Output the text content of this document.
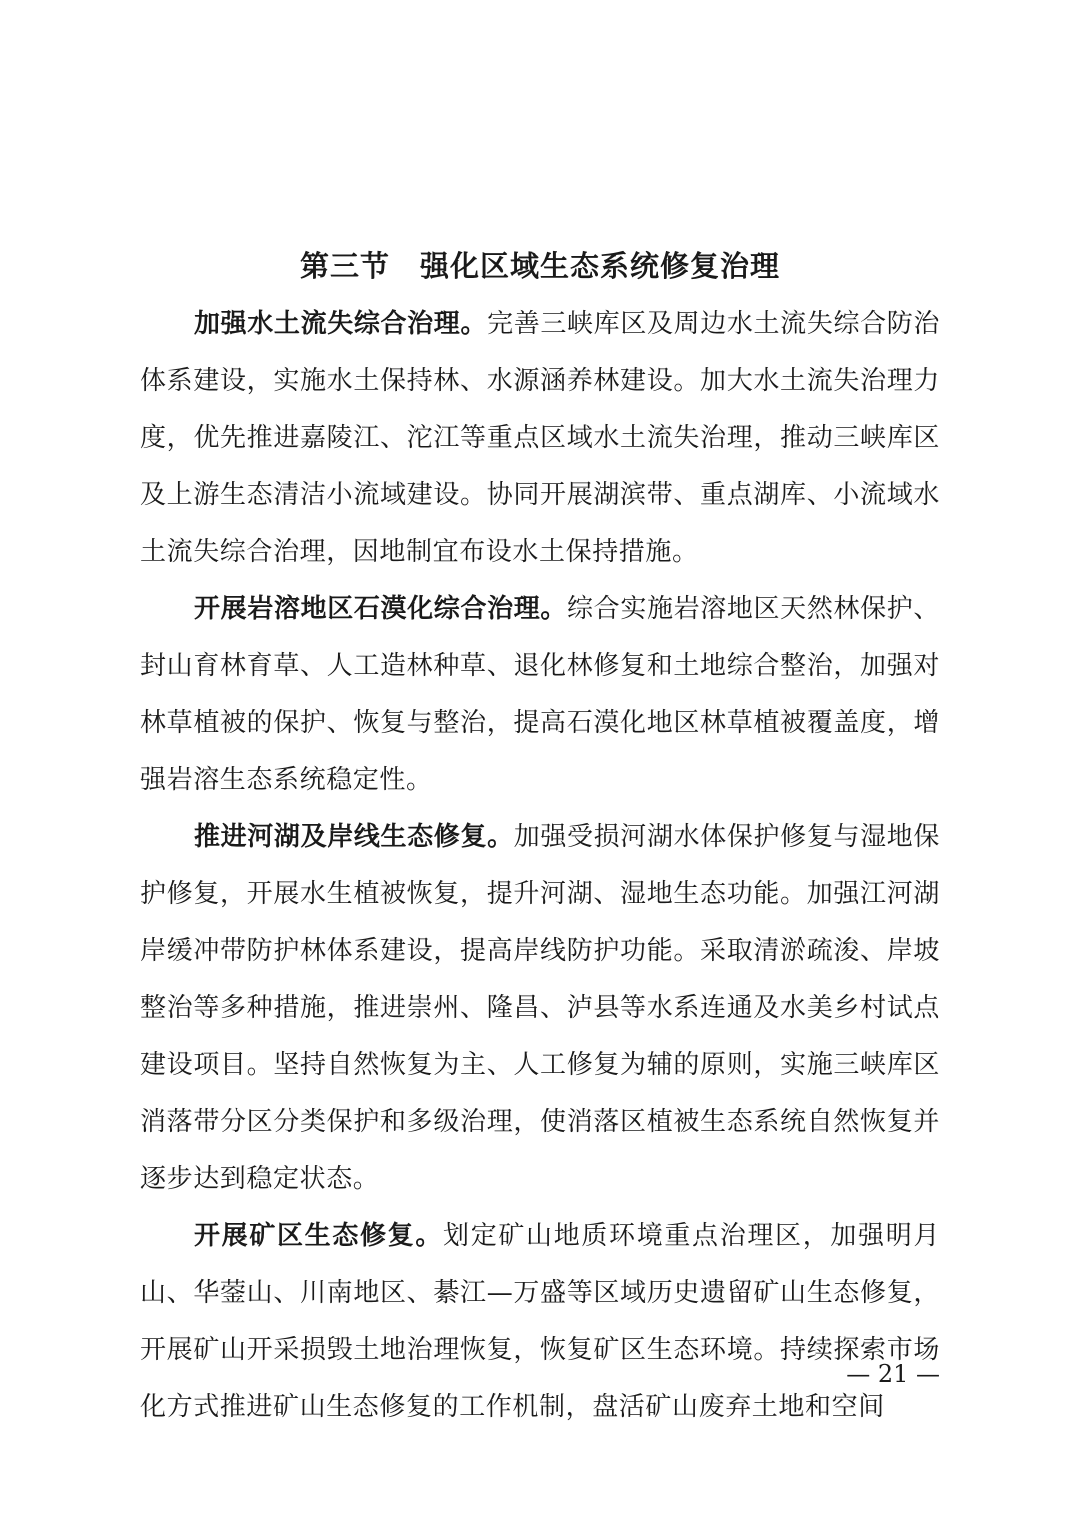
第三节　强化区域生态系统修复治理

加强水土流失综合治理。完善三峡库区及周边水土流失综合防治体系建设，实施水土保持林、水源涵养林建设。加大水土流失治理力度，优先推进嘉陵江、沱江等重点区域水土流失治理，推动三峡库区及上游生态清洁小流域建设。协同开展湖滨带、重点湖库、小流域水土流失综合治理，因地制宜布设水土保持措施。

开展岩溶地区石漠化综合治理。综合实施岩溶地区天然林保护、封山育林育草、人工造林种草、退化林修复和土地综合整治，加强对林草植被的保护、恢复与整治，提高石漠化地区林草植被覆盖度，增强岩溶生态系统稳定性。

推进河湖及岸线生态修复。加强受损河湖水体保护修复与湿地保护修复，开展水生植被恢复，提升河湖、湿地生态功能。加强江河湖岸缓冲带防护林体系建设，提高岸线防护功能。采取清淤疏浚、岸坡整治等多种措施，推进崇州、隆昌、泸县等水系连通及水美乡村试点建设项目。坚持自然恢复为主、人工修复为辅的原则，实施三峡库区消落带分区分类保护和多级治理，使消落区植被生态系统自然恢复并逐步达到稳定状态。

开展矿区生态修复。划定矿山地质环境重点治理区，加强明月山、华蓥山、川南地区、綦江—万盛等区域历史遗留矿山生态修复，开展矿山开采损毁土地治理恢复，恢复矿区生态环境。持续探索市场化方式推进矿山生态修复的工作机制，盘活矿山废弃土地和空间

— 21 —
